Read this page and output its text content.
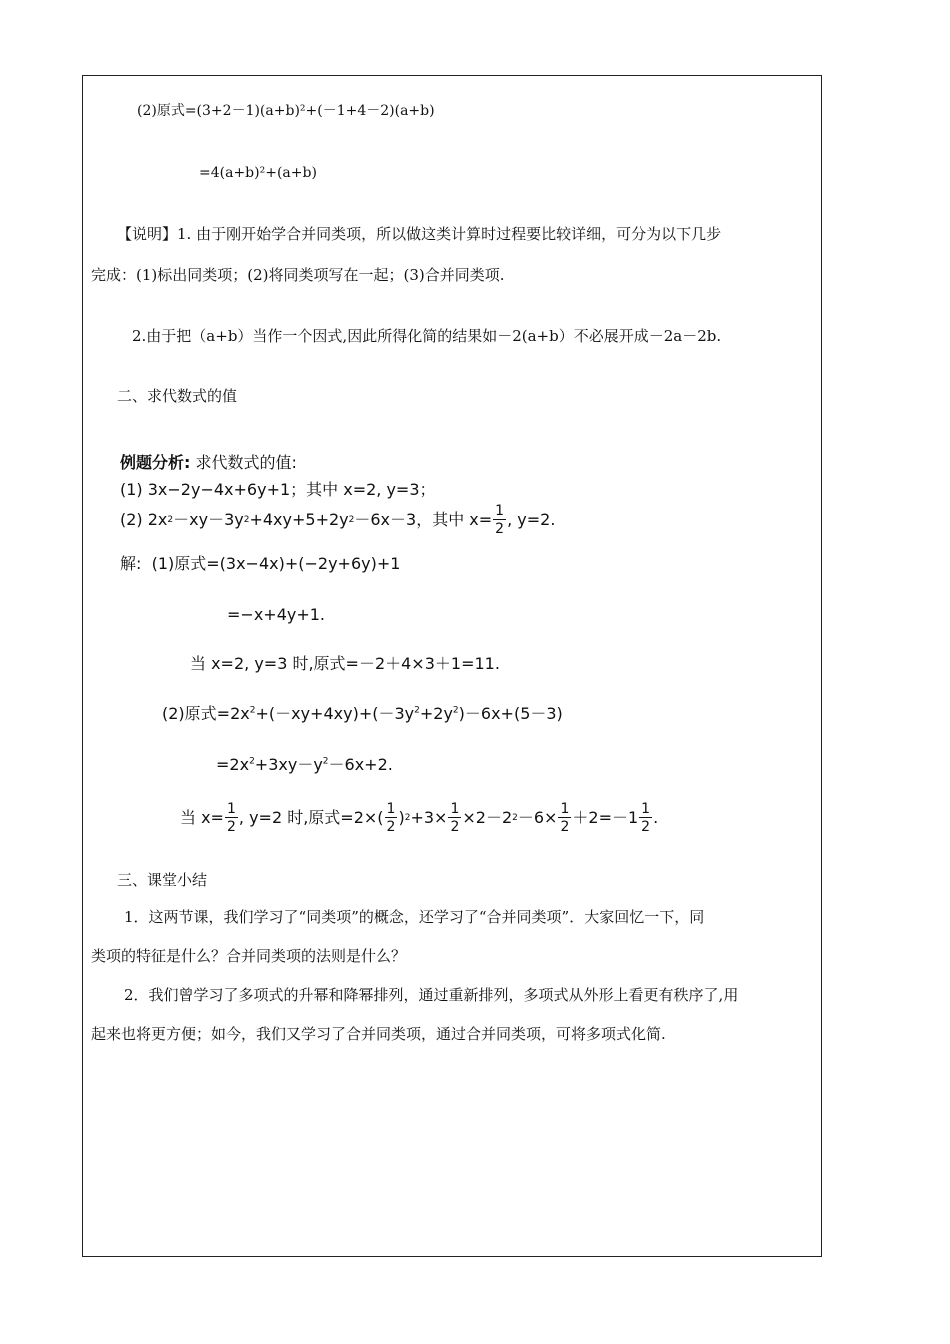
(2)原式=(3+2－1)(a+b)²+(－1+4－2)(a+b)
=4(a+b)²+(a+b)
【说明】1. 由于刚开始学合并同类项，所以做这类计算时过程要比较详细，可分为以下几步
完成：(1)标出同类项；(2)将同类项写在一起；(3)合并同类项.
2.由于把（a+b）当作一个因式,因此所得化简的结果如－2(a+b）不必展开成－2a－2b.
二、求代数式的值
例题分析: 求代数式的值:
(1) 3x−2y−4x+6y+1；其中 x=2, y=3；
(2) 2x 2 －xy－3y 2 +4xy+5+2y 2 －6x－3，其中 $x= \frac{1}{2}$ , y=2.
解: (1)原式=(3x−4x)+(−2y+6y)+1
=−x+4y+1.
当 x=2, y=3 时,原式=－2＋4×3＋1=11.
(2)原式$=2x^2+(-xy+4xy)+(-3y^2+2y^2)-6x+(5-3)$
$=2x^2+3xy-y^2-6x+2$.
当 $x= \frac{1}{2}$ , y=2 时,原式$=2\times( \frac{1}{2}$ ) $2 +3\times \frac{1}{2} \times 2-2$ $2 -6\times \frac{1}{2} +2=-1 \frac{1}{2}$ .
三、课堂小结
1．这两节课，我们学习了“同类项”的概念，还学习了“合并同类项”．大家回忆一下，同
类项的特征是什么？合并同类项的法则是什么？
2．我们曾学习了多项式的升幂和降幂排列，通过重新排列，多项式从外形上看更有秩序了,用
起来也将更方便；如今，我们又学习了合并同类项，通过合并同类项，可将多项式化简.
